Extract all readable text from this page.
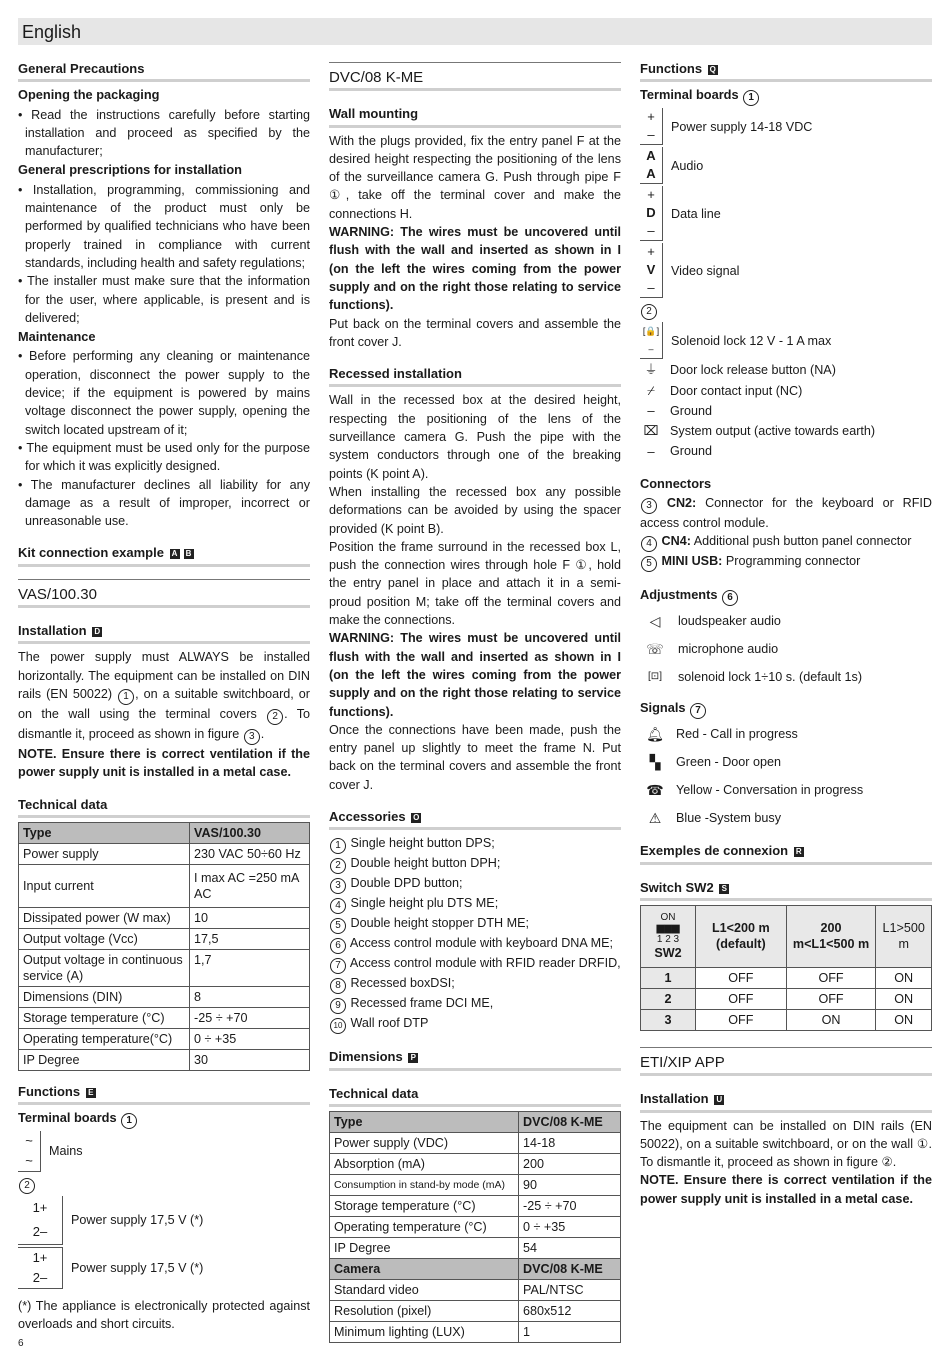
English
General Precautions
Opening the packaging
• Read the instructions carefully before starting installation and proceed as specified by the manufacturer;
General prescriptions for installation
• Installation, programming, commissioning and maintenance of the product must only be performed by qualified technicians who have been properly trained in compliance with current standards, including health and safety regulations;
• The installer must make sure that the information for the user, where applicable, is present and is delivered;
Maintenance
• Before performing any cleaning or maintenance operation, disconnect the power supply to the device; if the equipment is powered by mains voltage disconnect the power supply, opening the switch located upstream of it;
• The equipment must be used only for the purpose for which it was explicitly designed.
• The manufacturer declines all liability for any damage as a result of improper, incorrect or unreasonable use.
Kit connection example A B
VAS/100.30
Installation D

The power supply must ALWAYS be installed horizontally. The equipment can be installed on DIN rails (EN 50022) 1 , on a suitable switchboard, or on the wall using the terminal covers 2 . To dismantle it, proceed as shown in figure 3 .

NOTE. Ensure there is correct ventilation if the power supply unit is installed in a metal case.

Technical data
Type	VAS/100.30
Power supply	230 VAC 50÷60 Hz
Input current	I max AC =250 mA AC
Dissipated power (W max)	10
Output voltage (Vcc)	17,5
Output voltage in continuous service (A)	1,7
Dimensions (DIN)	8
Storage temperature (°C)	-25 ÷ +70
Operating temperature(°C)	0 ÷ +35
IP Degree	30
Functions E
Terminal boards 1
~
~
Mains
2
1+
2–
Power supply 17,5 V (*)
1+
2–
Power supply 17,5 V (*)

(*) The appliance is electronically protected against overloads and short circuits.

DVC/08 K-ME
Wall mounting

With the plugs provided, fix the entry panel F at the desired height respecting the positioning of the lens of the surveillance camera G. Push through pipe F ①, take off the terminal cover and make the connections H.

WARNING: The wires must be uncovered until flush with the wall and inserted as shown in I (on the left the wires coming from the power supply and on the right those relating to service functions).

Put back on the terminal covers and assemble the front cover J.

Recessed installation

Wall in the recessed box at the desired height, respecting the positioning of the lens of the surveillance camera G. Push the pipe with the system conductors through one of the breaking points (K point A).

When installing the recessed box any possible deformations can be avoided by using the spacer provided (K point B).

Position the frame surround in the recessed box L, push the connection wires through hole F ①, hold the entry panel in place and attach it in a semi-proud position M; take off the terminal covers and make the connections.

WARNING: The wires must be uncovered until flush with the wall and inserted as shown in I (on the left the wires coming from the power supply and on the right those relating to service functions).

Once the connections have been made, push the entry panel up slightly to meet the frame N. Put back on the terminal covers and assemble the front cover J.

Accessories O
1 Single height button DPS;
2 Double height button DPH;
3 Double DPD button;
4 Single height plu DTS ME;
5 Double height stopper DTH ME;
6 Access control module with keyboard DNA ME;
7 Access control module with RFID reader DRFID,
8 Recessed boxDSI;
9 Recessed frame DCI ME,
10 Wall roof DTP
Dimensions P
Technical data
Type	DVC/08 K-ME
Power supply (VDC)	14-18
Absorption (mA)	200
Consumption in stand-by mode (mA)	90
Storage temperature (°C)	-25 ÷ +70
Operating temperature (°C)	0 ÷ +35
IP Degree	54
Camera	DVC/08 K-ME
Standard video	PAL/NTSC
Resolution (pixel)	680x512
Minimum lighting (LUX)	1
Functions Q
Terminal boards 1
+
–
Power supply 14-18 VDC
A
A
Audio
+
D
–
Data line
+
V
–
Video signal
2
[🔒]
–
Solenoid lock 12 V - 1 A max
⏚ Door lock release button (NA)
⌿	Door contact input (NC)
–	Ground
⌧ System output (active towards earth)
–	Ground
Connectors

3 CN2: Connector for the keyboard or RFID access control module.

4 CN4: Additional push button panel connector

5 MINI USB: Programming connector

Adjustments 6
◁	loudspeaker audio
☏	microphone audio
[⊡]	solenoid lock 1÷10 s. (default 1s)
Signals 7
🔔︎ Red - Call in progress
▚	Green - Door open
☎ Yellow - Conversation in progress
⚠	Blue -System busy
Exemples de connexion R
Switch SW2 S
ON
▆▆▆
1 2 3
SW2	L1<200 m (default)	200 m<L1<500 m	L1>500 m
1	OFF	OFF	ON
2	OFF	OFF	ON
3	OFF	ON	ON
ETI/XIP APP
Installation U

The equipment can be installed on DIN rails (EN 50022), on a suitable switchboard, or on the wall ①. To dismantle it, proceed as shown in figure ②.

NOTE. Ensure there is correct ventilation if the power supply unit is installed in a metal case.

6
